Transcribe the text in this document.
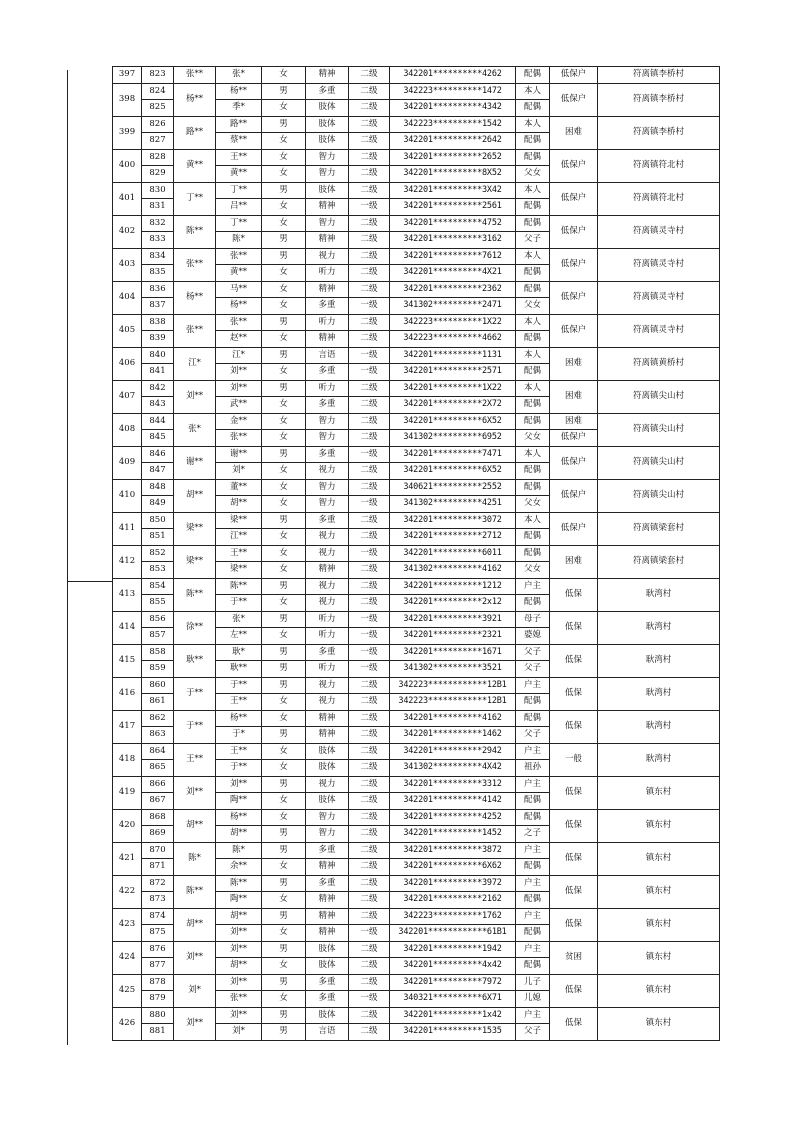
397	823	张**	张*	女	精神	二级	342201**********4262	配偶	低保户	符离镇李桥村
398	824	杨**	杨**	男	多重	二级	342223**********1472	本人	低保户	符离镇李桥村
	825		季*	女	肢体	二级	342201**********4342	配偶		
399	826	路**	路**	男	肢体	二级	342223**********1542	本人	困难	符离镇李桥村
	827		蔡**	女	肢体	二级	342201**********2642	配偶		
400	828	黄**	王**	女	智力	二级	342201**********2652	配偶	低保户	符离镇符北村
	829		黄**	女	智力	二级	342201**********8X52	父女		
401	830	丁**	丁**	男	肢体	二级	342201**********3X42	本人	低保户	符离镇符北村
	831		吕**	女	精神	一级	342201**********2561	配偶		
402	832	陈**	丁**	女	智力	二级	342201**********4752	配偶	低保户	符离镇灵寺村
	833		陈*	男	精神	二级	342201**********3162	父子		
403	834	张**	张**	男	视力	二级	342201**********7612	本人	低保户	符离镇灵寺村
	835		黄**	女	听力	二级	342201**********4X21	配偶		
404	836	杨**	马**	女	精神	二级	342201**********2362	配偶	低保户	符离镇灵寺村
	837		杨**	女	多重	一级	341302**********2471	父女		
405	838	张**	张**	男	听力	二级	342223**********1X22	本人	低保户	符离镇灵寺村
	839		赵**	女	精神	二级	342223**********4662	配偶		
406	840	江*	江*	男	言语	一级	342201**********1131	本人	困难	符离镇黄桥村
	841		刘**	女	多重	一级	342201**********2571	配偶		
407	842	刘**	刘**	男	听力	二级	342201**********1X22	本人	困难	符离镇尖山村
	843		武**	女	多重	二级	342201**********2X72	配偶		
408	844	张*	金**	女	智力	二级	342201**********6X52	配偶	困难	符离镇尖山村
	845		张**	女	智力	二级	341302**********6952	父女	低保户	
409	846	谢**	谢**	男	多重	一级	342201**********7471	本人	低保户	符离镇尖山村
	847		刘*	女	视力	二级	342201**********6X52	配偶		
410	848	胡**	董**	女	智力	二级	340621**********2552	配偶	低保户	符离镇尖山村
	849		胡**	女	智力	一级	341302**********4251	父女		
411	850	梁**	梁**	男	多重	二级	342201**********3072	本人	低保户	符离镇梁套村
	851		江**	女	视力	二级	342201**********2712	配偶		
412	852	梁**	王**	女	视力	一级	342201**********6011	配偶	困难	符离镇梁套村
	853		梁**	女	精神	二级	341302**********4162	父女		
413	854	陈**	陈**	男	视力	二级	342201**********1212	户主	低保	耿湾村
	855		于**	女	视力	二级	342201**********2x12	配偶		
414	856	徐**	张*	男	听力	一级	342201**********3921	母子	低保	耿湾村
	857		左**	女	听力	一级	342201**********2321	婆媳		
415	858	耿**	耿*	男	多重	一级	342201**********1671	父子	低保	耿湾村
	859		耿**	男	听力	一级	341302**********3521	父子		
416	860	于**	于**	男	视力	二级	342223************12B1	户主	低保	耿湾村
	861		王**	女	视力	二级	342223************12B1	配偶		
417	862	于**	杨**	女	精神	二级	342201**********4162	配偶	低保	耿湾村
	863		于*	男	精神	二级	342201**********1462	父子		
418	864	王**	王**	女	肢体	二级	342201**********2942	户主	一般	耿湾村
	865		于**	女	肢体	二级	341302**********4X42	祖孙		
419	866	刘**	刘**	男	视力	二级	342201**********3312	户主	低保	镇东村
	867		陶**	女	肢体	二级	342201**********4142	配偶		
420	868	胡**	杨**	女	智力	二级	342201**********4252	配偶	低保	镇东村
	869		胡**	男	智力	二级	342201**********1452	之子		
421	870	陈*	陈*	男	多重	二级	342201**********3872	户主	低保	镇东村
	871		余**	女	精神	二级	342201**********6X62	配偶		
422	872	陈**	陈**	男	多重	二级	342201**********3972	户主	低保	镇东村
	873		陶**	女	精神	二级	342201**********2162	配偶		
423	874	胡**	胡**	男	精神	二级	342223**********1762	户主	低保	镇东村
	875		刘**	女	精神	一级	342201************61B1	配偶		
424	876	刘**	刘**	男	肢体	二级	342201**********1942	户主	贫困	镇东村
	877		胡**	女	肢体	二级	342201**********4x42	配偶		
425	878	刘*	刘**	男	多重	二级	342201**********7972	儿子	低保	镇东村
	879		张**	女	多重	一级	340321**********6X71	儿媳		
426	880	刘**	刘**	男	肢体	二级	342201**********1x42	户主	低保	镇东村
	881		刘*	男	言语	二级	342201**********1535	父子		
